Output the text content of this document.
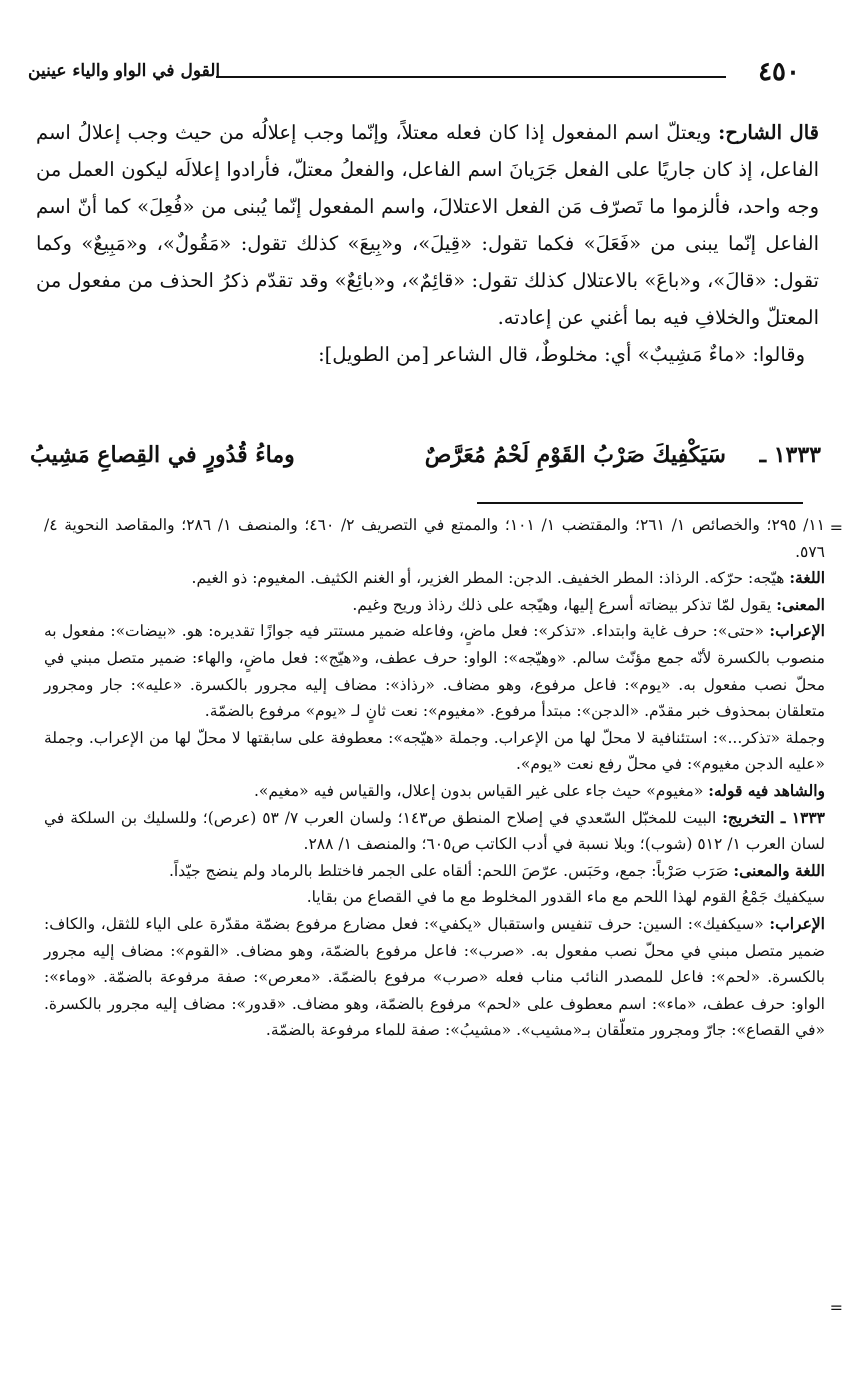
٤٥٠
القول في الواو والياء عينين

قال الشارح: ويعتلّ اسم المفعول إذا كان فعله معتلاً، وإنّما وجب إعلالُه من حيث وجب إعلالُ اسم الفاعل، إذ كان جاريًا على الفعل جَرَيانَ اسم الفاعل، والفعلُ معتلّ، فأرادوا إعلالَه ليكون العمل من وجه واحد، فألزموا ما تَصرّف مَن الفعل الاعتلالَ، واسم المفعول إنّما يُبنى من «فُعِلَ» كما أنّ اسم الفاعل إنّما يبنى من «فَعَلَ» فكما تقول: «قِيلَ»، و«بِيعَ» كذلك تقول: «مَقُولٌ»، و«مَبِيعٌ» وكما تقول: «قالَ»، و«باعَ» بالاعتلال كذلك تقول: «قائِمٌ»، و«بائِعٌ» وقد تقدّم ذكرُ الحذف من مفعول من المعتلّ والخلافِ فيه بما أغني عن إعادته.

وقالوا: «ماءٌ مَشِيبٌ» أي: مخلوطٌ، قال الشاعر [من الطويل]:

١٣٣٣ ـ
سَيَكْفِيكَ صَرْبُ القَوْمِ لَحْمُ مُعَرَّصٌ
وماءُ قُدُورٍ في القِصاعِ مَشِيبُ
=
=

١١/ ٢٩٥؛ والخصائص ١/ ٢٦١؛ والمقتضب ١/ ١٠١؛ والممتع في التصريف ٢/ ٤٦٠؛ والمنصف ١/ ٢٨٦؛ والمقاصد النحوية ٤/ ٥٧٦.

اللغة: هيّجه: حرّكه. الرذاذ: المطر الخفيف. الدجن: المطر الغزير، أو الغنم الكثيف. المغيوم: ذو الغيم.

المعنى: يقول لمّا تذكر بيضاته أسرع إليها، وهيّجه على ذلك رذاذ وريح وغيم.

الإعراب: «حتى»: حرف غاية وابتداء. «تذكر»: فعل ماضٍ، وفاعله ضمير مستتر فيه جوازًا تقديره: هو. «بيضات»: مفعول به منصوب بالكسرة لأنّه جمع مؤنّث سالم. «وهيّجه»: الواو: حرف عطف، و«هيّج»: فعل ماضٍ، والهاء: ضمير متصل مبني في محلّ نصب مفعول به. «يوم»: فاعل مرفوع، وهو مضاف. «رذاذ»: مضاف إليه مجرور بالكسرة. «عليه»: جار ومجرور متعلقان بمحذوف خبر مقدّم. «الدجن»: مبتدأ مرفوع. «مغيوم»: نعت ثانٍ لـ «يوم» مرفوع بالضمّة.

وجملة «تذكر...»: استئنافية لا محلّ لها من الإعراب. وجملة «هيّجه»: معطوفة على سابقتها لا محلّ لها من الإعراب. وجملة «عليه الدجن مغيوم»: في محلّ رفع نعت «يوم».

والشاهد فيه قوله: «مغيوم» حيث جاء على غير القياس بدون إعلال، والقياس فيه «مغيم».

١٣٣٣ ـ التخريج: البيت للمخبّل السّعدي في إصلاح المنطق ص١٤٣؛ ولسان العرب ٧/ ٥٣ (عرص)؛ وللسليك بن السلكة في لسان العرب ١/ ٥١٢ (شوب)؛ وبلا نسبة في أدب الكاتب ص٦٠٥؛ والمنصف ١/ ٢٨٨.

اللغة والمعنى: صَرَب صَرْباً: جمع، وحَبَس. عرّصَ اللحم: ألقاه على الجمر فاختلط بالرماد ولم ينضج جيّداً.

سيكفيك جَمْعُ القوم لهذا اللحم مع ماء القدور المخلوط مع ما في القصاع من بقايا.

الإعراب: «سيكفيك»: السين: حرف تنفيس واستقبال «يكفي»: فعل مضارع مرفوع بضمّة مقدّرة على الياء للثقل، والكاف: ضمير متصل مبني في محلّ نصب مفعول به. «صرب»: فاعل مرفوع بالضمّة، وهو مضاف. «القوم»: مضاف إليه مجرور بالكسرة. «لحم»: فاعل للمصدر النائب مناب فعله «صرب» مرفوع بالضمّة. «معرص»: صفة مرفوعة بالضمّة. «وماء»: الواو: حرف عطف، «ماء»: اسم معطوف على «لحم» مرفوع بالضمّة، وهو مضاف. «قدور»: مضاف إليه مجرور بالكسرة. «في القصاع»: جارّ ومجرور متعلّقان بـ«مشيب». «مشيبُ»: صفة للماء مرفوعة بالضمّة.
